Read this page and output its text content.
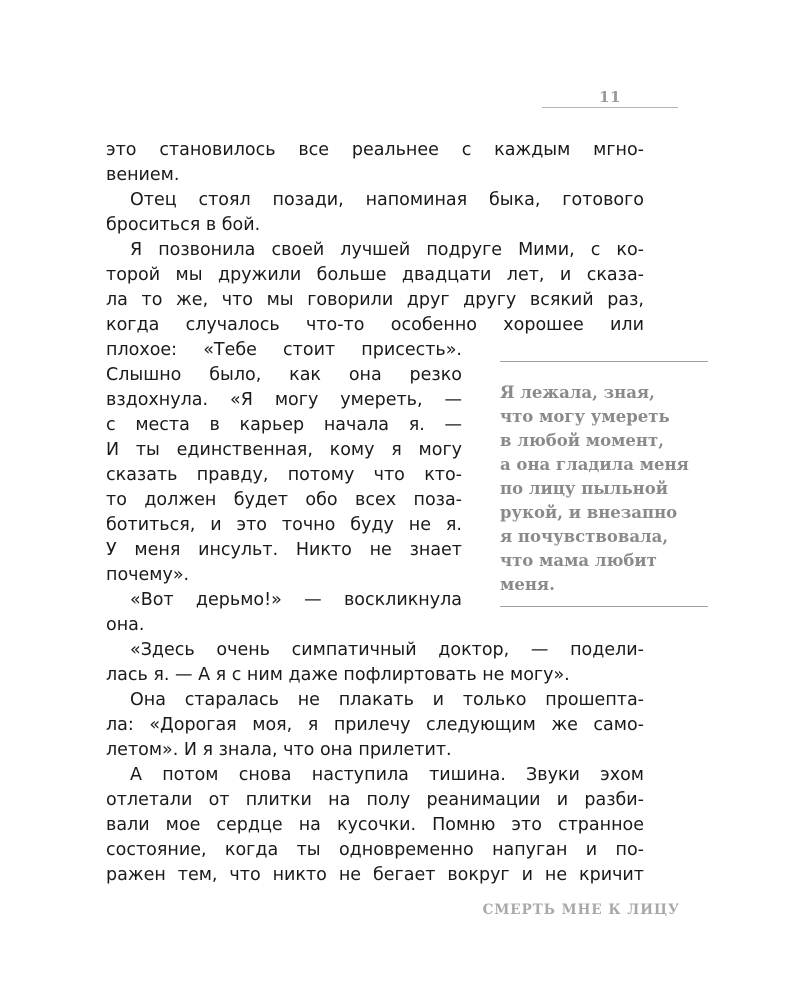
11
это становилось все реальнее с каждым мгно-
вением.
Отец стоял позади, напоминая быка, готового
броситься в бой.
Я позвонила своей лучшей подруге Мими, с ко-
торой мы дружили больше двадцати лет, и сказа-
ла то же, что мы говорили друг другу всякий раз,
когда случалось что-то особенно хорошее или
плохое: «Тебе стоит присесть».
Слышно было, как она резко
вздохнула. «Я могу умереть, —
с места в карьер начала я. —
И ты единственная, кому я могу
сказать правду, потому что кто-
то должен будет обо всех поза-
ботиться, и это точно буду не я.
У меня инсульт. Никто не знает
почему».
«Вот дерьмо!» — воскликнула
она.
«Здесь очень симпатичный доктор, — подели-
лась я. — А я с ним даже пофлиртовать не могу».
Она старалась не плакать и только прошепта-
ла: «Дорогая моя, я прилечу следующим же само-
летом». И я знала, что она прилетит.
А потом снова наступила тишина. Звуки эхом
отлетали от плитки на полу реанимации и разби-
вали мое сердце на кусочки. Помню это странное
состояние, когда ты одновременно напуган и по-
ражен тем, что никто не бегает вокруг и не кричит
Я лежала, зная,
что могу умереть
в любой момент,
а она гладила меня
по лицу пыльной
рукой, и внезапно
я почувствовала,
что мама любит
меня.
СМЕРТЬ МНЕ К ЛИЦУ
